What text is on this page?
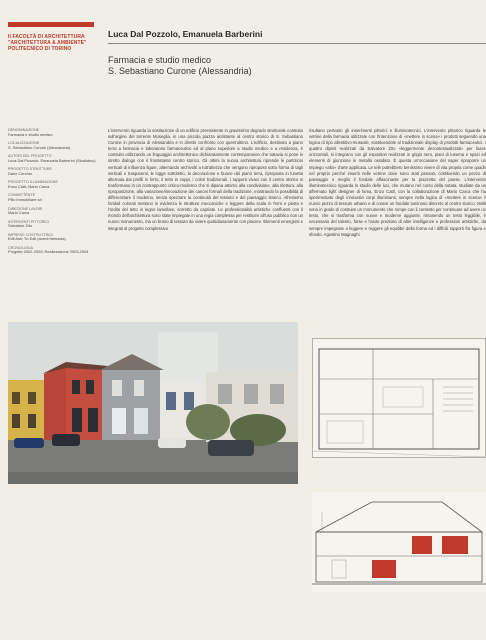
II FACOLTÀ DI ARCHITETTURA
"ARCHITETTURA & AMBIENTE"
POLITECNICO DI TORINO
Luca Dal Pozzolo, Emanuela Barberini
Farmacia e studio medico
S. Sebastiano Curone (Alessandria)
DENOMINAZIONE
Farmacia e studio medico
LOCALIZZAZIONE
S. Sebastiano Curone (Alessandria)
AUTORI DEL PROGETTO
Luca Dal Pozzolo, Emanuela Barberini (Studioboc)
PROGETTO STRUTTURE
Dario Cerchio
PROGETTO ILLUMINAZIONE
Enzo Catti, Mario Carca
COMMITTENTE
Pillo Immobiliare srl
DIREZIONE LAVORI
Mario Carca
INTERVENTI PITTORICI
Salvatore Zito
IMPRESE COSTRUTTRICI
Edil Asti; Tri-Edil (arredi farmacia)
CRONOLOGIA
Progetto 2002-2003; Realizzazione 2003-2004

L'intervento riguarda la sostituzione di un edificio preesistente in gravissimo degrado strutturale costruito sull'argine del torrente Museglia, in una piccola piazza antistante al centro storico di S. Sebastiano Curone in provincia di Alessandria e in diretto confronto con quest'ultimo. L'edificio, destinato a piano terra a farmacia e laboratorio farmaceutico ed al piano superiore a studio medico e a residenza, è costruito utilizzando un linguaggio architettonico dichiaratamente contemporaneo che tuttavia si pone in stretto dialogo con il frontistante centro storico. Gli ottimi la nuova architettura riprende le partizioni verticali di influenza ligure, alternando archivolti a tutt'altezza che vengono riproposti sotto forma di tagli verticali e trasparenti, le logge sottotetto, la decorazione e buone del piano terra, riproposta in lunetta alternata dai profili in ferro, il tetto in coppi, i colori tradizionali. I rapporti vivaci con il centro storico si trasformano in un contrappunto critico-moderno che si dipana attorno alla condivisione, alla rilettura, alla riproposizione, alla variazione/innovazione dei canoni formali della tradizione, mostrando la possibilità di differenziare il moderno, senza spezzare la continuità del tessuto e del paesaggio storico. All'esterno fondali colorati mettono in evidenza le strutture meccaniche e leggere della scala in ferro e pietra e l'ordito del tetto in legno lamellare, sorretto da capriate. Le professionalità artistiche confluenti con il mondo dell'architettura sono state impiegate in una regia complessa per restituire all'uso pubblico non un nuovo monumento, ma un brano di tessuto da vivere quotidianamente con piacere. Elementi emergenti e integrati al progetto complessivo

risultano pertanto gli inserimenti pittorici e illuminotecnici. L'intervento pittorico riguarda le vetrine della farmacia utilizzate con l'intenzione di «mettere in scena» i prodotti seguendo una logica di tipo allestitivo-museale, sostituendole al tradizionale display di prodotti farmaceutici. I quattro dipinti realizzati da Salvatore Zito «leggermente decontestualizzati» per fasce orizzontali, si integrano con gli espositori realizzati in grigio nero, piani di luserna e spazi ed elementi di giunzione in metallo ossidato. È questa un'occasione del saper riproporre un impiego «alto» d'arte applicata. Le tele potrebbero benissimo vivere di vita propria come quadri nel proprio perché inseriti nelle vetrine dove sono stati pensati, costituendo un pezzo di paesaggio o meglio il fondale affascinante per la piazzetta del paese. L'intervento illuminotecnico riguarda lo studio delle luci, che mutano nel corso della notata, studiate da un affermato light designer di fama, Enzo Catti, con la collaborazione di Mario Carca che ha sperimentato degli innovativi corpi illuminanti, sempre nella logica di «mettere in scena» il nuovo pezzo di tessuto urbano e di creare un fondale luminoso discreto al centro storico. Molti sono in grado di costruire un monumento che rompe con il contesto per continuare ad avere un testo, che si trasforma con nuove e moderne aggiunte, rimanendo un testo leggibile, è necessario del talento, forse e l'aiuto prezioso di altre intelligenze e professioni artistiche, da sempre impegnate a leggere e reggere gli equilibri della forma ed i difficili rapporti fra figura e sfondo. Agostino Magnaghi
